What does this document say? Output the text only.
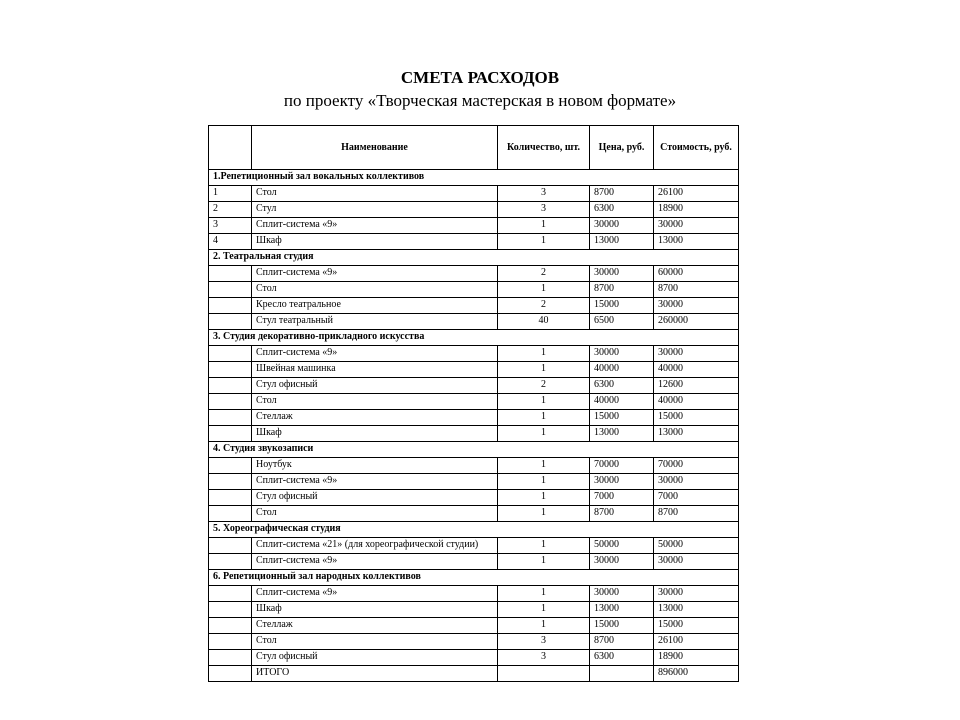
СМЕТА РАСХОДОВ
по проекту «Творческая мастерская в новом формате»
	Наименование	Количество, шт.	Цена, руб.	Стоимость, руб.
1.Репетиционный зал вокальных коллективов				
1	Стол	3	8700	26100
2	Стул	3	6300	18900
3	Сплит-система «9»	1	30000	30000
4	Шкаф	1	13000	13000
2. Театральная студия				
	Сплит-система «9»	2	30000	60000
	Стол	1	8700	8700
	Кресло театральное	2	15000	30000
	Стул театральный	40	6500	260000
3. Студия декоративно-прикладного искусства				
	Сплит-система «9»	1	30000	30000
	Швейная машинка	1	40000	40000
	Стул офисный	2	6300	12600
	Стол	1	40000	40000
	Стеллаж	1	15000	15000
	Шкаф	1	13000	13000
4. Студия звукозаписи				
	Ноутбук	1	70000	70000
	Сплит-система «9»	1	30000	30000
	Стул офисный	1	7000	7000
	Стол	1	8700	8700
5. Хореографическая студия				
	Сплит-система «21» (для хореографической студии)	1	50000	50000
	Сплит-система «9»	1	30000	30000
6. Репетиционный зал народных коллективов				
	Сплит-система «9»	1	30000	30000
	Шкаф	1	13000	13000
	Стеллаж	1	15000	15000
	Стол	3	8700	26100
	Стул офисный	3	6300	18900
	ИТОГО			896000
